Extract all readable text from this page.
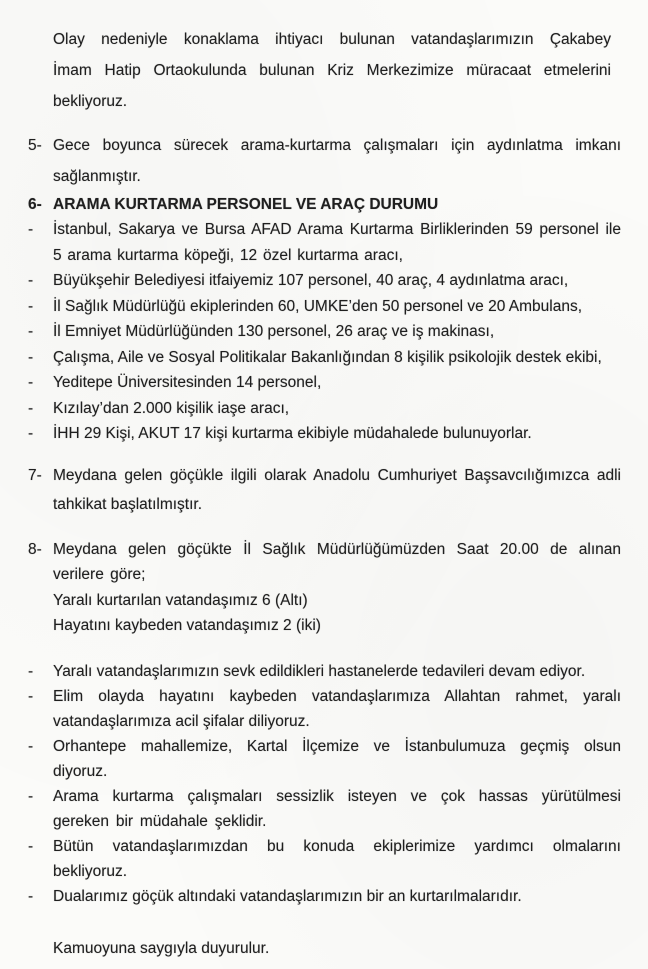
Olay nedeniyle konaklama ihtiyacı bulunan vatandaşlarımızın Çakabey İmam Hatip Ortaokulunda bulunan Kriz Merkezimize müracaat etmelerini bekliyoruz.

5- Gece boyunca sürecek arama-kurtarma çalışmaları için aydınlatma imkanı sağlanmıştır.

6- ARAMA KURTARMA PERSONEL VE ARAÇ DURUMU

-	İstanbul, Sakarya ve Bursa AFAD Arama Kurtarma Birliklerinden 59 personel ile 5 arama kurtarma köpeği, 12 özel kurtarma aracı,

-	Büyükşehir Belediyesi itfaiyemiz 107 personel, 40 araç, 4 aydınlatma aracı,

-	İl Sağlık Müdürlüğü ekiplerinden 60, UMKE’den 50 personel ve 20 Ambulans,

-	İl Emniyet Müdürlüğünden 130 personel, 26 araç ve iş makinası,

-	Çalışma, Aile ve Sosyal Politikalar Bakanlığından 8 kişilik psikolojik destek ekibi,

-	Yeditepe Üniversitesinden 14 personel,

-	Kızılay’dan 2.000 kişilik iaşe aracı,

-	İHH 29 Kişi, AKUT 17 kişi kurtarma ekibiyle müdahalede bulunuyorlar.

7- Meydana gelen göçükle ilgili olarak Anadolu Cumhuriyet Başsavcılığımızca adli tahkikat başlatılmıştır.

8- Meydana gelen göçükte İl Sağlık Müdürlüğümüzden Saat 20.00 de alınan verilere göre;

Yaralı kurtarılan vatandaşımız 6 (Altı)

Hayatını kaybeden vatandaşımız 2 (iki)

-	Yaralı vatandaşlarımızın sevk edildikleri hastanelerde tedavileri devam ediyor.

-	Elim olayda hayatını kaybeden vatandaşlarımıza Allahtan rahmet, yaralı vatandaşlarımıza acil şifalar diliyoruz.

-	Orhantepe mahallemize, Kartal İlçemize ve İstanbulumuza geçmiş olsun diyoruz.

-	Arama kurtarma çalışmaları sessizlik isteyen ve çok hassas yürütülmesi gereken bir müdahale şeklidir.

-	Bütün vatandaşlarımızdan bu konuda ekiplerimize yardımcı olmalarını bekliyoruz.

-	Dualarımız göçük altındaki vatandaşlarımızın bir an kurtarılmalarıdır.

Kamuoyuna saygıyla duyurulur.
